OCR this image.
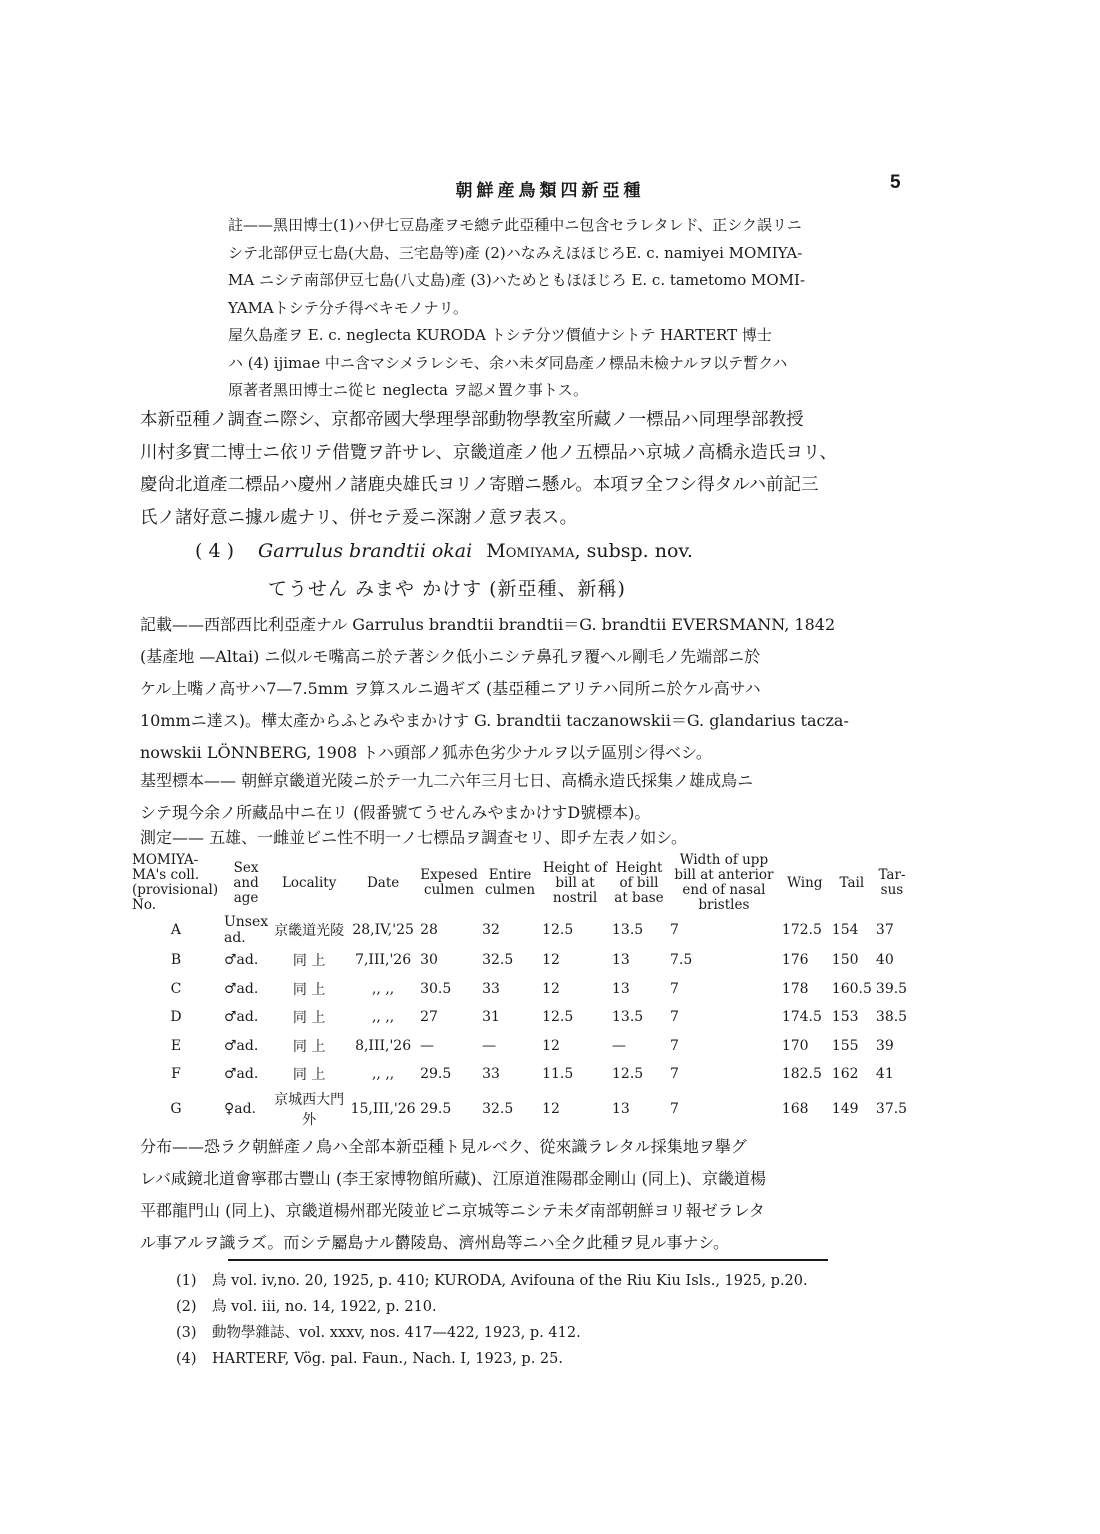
朝鮮産鳥類四新亞種	5
註——黑田博士(1)ハ伊七豆島產ヲモ總テ此亞種中ニ包含セラレタレド、正シク誤リニ
シテ北部伊豆七島(大島、三宅島等)產 (2)ハなみえほほじろE. c. namiyei MOMIYA-
MA ニシテ南部伊豆七島(八丈島)產 (3)ハためともほほじろ E. c. tametomo MOMI-
YAMAトシテ分チ得ベキモノナリ。
屋久島產ヲ E. c. neglecta KURODA トシテ分ツ價値ナシトテ HARTERT 博士
ハ (4) ijimae 中ニ含マシメラレシモ、余ハ未ダ同島產ノ標品未檢ナルヲ以テ暫クハ
原著者黑田博士ニ從ヒ neglecta ヲ認メ置ク事トス。
本新亞種ノ調查ニ際シ、京都帝國大學理學部動物學教室所藏ノ一標品ハ同理學部教授
川村多實二博士ニ依リテ借覽ヲ許サレ、京畿道產ノ他ノ五標品ハ京城ノ高橋永造氏ヨリ、
慶尙北道產二標品ハ慶州ノ諸鹿央雄氏ヨリノ寄贈ニ懸ル。本項ヲ全フシ得タルハ前記三
氏ノ諸好意ニ據ル處ナリ、併セテ爰ニ深謝ノ意ヲ表ス。
( 4 ) Garrulus brandtii okai Momiyama, subsp. nov.
てうせん みまや かけす (新亞種、新稱)
記載——西部西比利亞產ナル Garrulus brandtii brandtii＝G. brandtii EVERSMANN, 1842
(基產地 —Altai) ニ似ルモ嘴高ニ於テ著シク低小ニシテ鼻孔ヲ覆ヘル剛毛ノ先端部ニ於
ケル上嘴ノ高サハ7—7.5mm ヲ算スルニ過ギズ (基亞種ニアリテハ同所ニ於ケル高サハ
10mmニ達ス)。樺太產からふとみやまかけす G. brandtii taczanowskii＝G. glandarius tacza-
nowskii LÖNNBERG, 1908 トハ頭部ノ狐赤色劣少ナルヲ以テ區別シ得ベシ。
基型標本—— 朝鮮京畿道光陵ニ於テ一九二六年三月七日、高橋永造氏採集ノ雄成鳥ニ
シテ現今余ノ所藏品中ニ在リ (假番號てうせんみやまかけすD號標本)。
測定—— 五雄、一雌並ビニ性不明一ノ七標品ヲ調查セリ、即チ左表ノ如シ。
MOMIYA-MA's coll. (provisional) No.	Sex and age	Locality	Date	Expesed culmen	Entire culmen	Height of bill at nostril	Height of bill at base	Width of upp bill at anterior end of nasal bristles	Wing	Tail	Tar-sus
A	Unsex ad.	京畿道光陵	28,IV,'25	28	32	12.5	13.5	7	172.5	154	37
B	♂ad.	同 上	7,III,'26	30	32.5	12	13	7.5	176	150	40
C	♂ad.	同 上	,, ,,	30.5	33	12	13	7	178	160.5	39.5
D	♂ad.	同 上	,, ,,	27	31	12.5	13.5	7	174.5	153	38.5
E	♂ad.	同 上	8,III,'26	—	—	12	—	7	170	155	39
F	♂ad.	同 上	,, ,,	29.5	33	11.5	12.5	7	182.5	162	41
G	♀ad.	京城西大門外	15,III,'26	29.5	32.5	12	13	7	168	149	37.5
分布——恐ラク朝鮮產ノ鳥ハ全部本新亞種ト見ルベク、從來識ラレタル採集地ヲ擧グ
レバ咸鏡北道會寧郡古豐山 (李王家博物館所藏)、江原道淮陽郡金剛山 (同上)、京畿道楊
平郡龍門山 (同上)、京畿道楊州郡光陵並ビニ京城等ニシテ未ダ南部朝鮮ヨリ報ゼラレタ
ル事アルヲ識ラズ。而シテ屬島ナル欝陵島、濟州島等ニハ全ク此種ヲ見ル事ナシ。
(1) 鳥 vol. iv,no. 20, 1925, p. 410; KURODA, Avifouna of the Riu Kiu Isls., 1925, p.20.
(2) 鳥 vol. iii, no. 14, 1922, p. 210.
(3) 動物學雜誌、vol. xxxv, nos. 417—422, 1923, p. 412.
(4) HARTERF, Vög. pal. Faun., Nach. I, 1923, p. 25.
